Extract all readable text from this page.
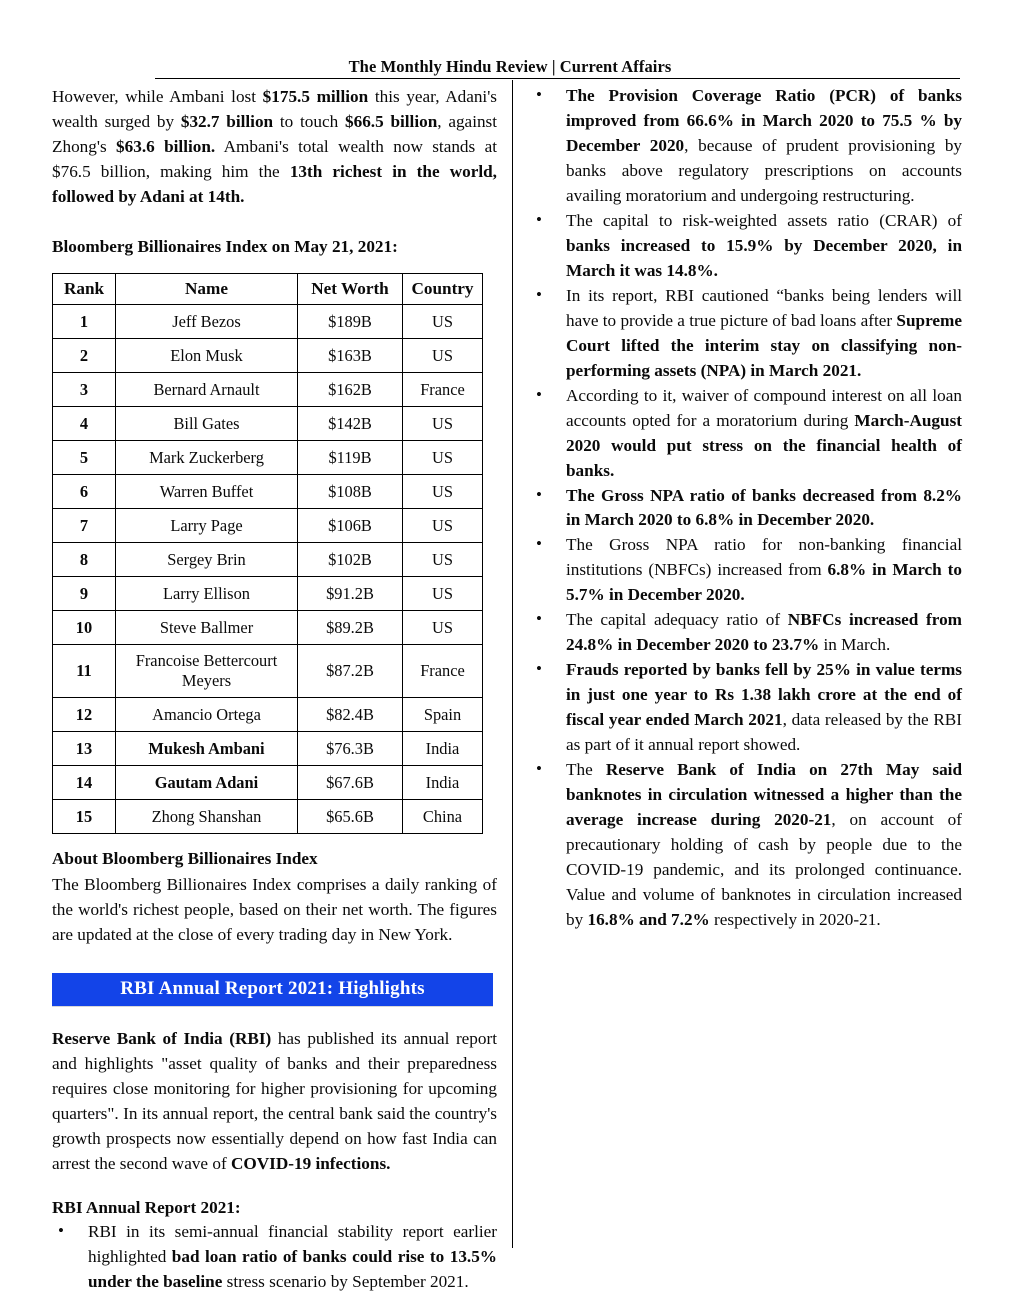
The Monthly Hindu Review | Current Affairs

However, while Ambani lost $175.5 million this year, Adani's wealth surged by $32.7 billion to touch $66.5 billion, against Zhong's $63.6 billion. Ambani's total wealth now stands at $76.5 billion, making him the 13th richest in the world, followed by Adani at 14th.

Bloomberg Billionaires Index on May 21, 2021:
Rank	Name	Net Worth	Country
1	Jeff Bezos	$189B	US
2	Elon Musk	$163B	US
3	Bernard Arnault	$162B	France
4	Bill Gates	$142B	US
5	Mark Zuckerberg	$119B	US
6	Warren Buffet	$108B	US
7	Larry Page	$106B	US
8	Sergey Brin	$102B	US
9	Larry Ellison	$91.2B	US
10	Steve Ballmer	$89.2B	US
11	Francoise Bettercourt Meyers	$87.2B	France
12	Amancio Ortega	$82.4B	Spain
13	Mukesh Ambani	$76.3B	India
14	Gautam Adani	$67.6B	India
15	Zhong Shanshan	$65.6B	China
About Bloomberg Billionaires Index

The Bloomberg Billionaires Index comprises a daily ranking of the world's richest people, based on their net worth. The figures are updated at the close of every trading day in New York.

RBI Annual Report 2021: Highlights

Reserve Bank of India (RBI) has published its annual report and highlights "asset quality of banks and their preparedness requires close monitoring for higher provisioning for upcoming quarters". In its annual report, the central bank said the country's growth prospects now essentially depend on how fast India can arrest the second wave of COVID-19 infections.

RBI Annual Report 2021:
• RBI in its semi-annual financial stability report earlier highlighted bad loan ratio of banks could rise to 13.5% under the baseline stress scenario by September 2021.
• The Provision Coverage Ratio (PCR) of banks improved from 66.6% in March 2020 to 75.5 % by December 2020, because of prudent provisioning by banks above regulatory prescriptions on accounts availing moratorium and undergoing restructuring.
• The capital to risk-weighted assets ratio (CRAR) of banks increased to 15.9% by December 2020, in March it was 14.8%.
• In its report, RBI cautioned “banks being lenders will have to provide a true picture of bad loans after Supreme Court lifted the interim stay on classifying non-performing assets (NPA) in March 2021.
• According to it, waiver of compound interest on all loan accounts opted for a moratorium during March-August 2020 would put stress on the financial health of banks.
• The Gross NPA ratio of banks decreased from 8.2% in March 2020 to 6.8% in December 2020.
• The Gross NPA ratio for non-banking financial institutions (NBFCs) increased from 6.8% in March to 5.7% in December 2020.
• The capital adequacy ratio of NBFCs increased from 24.8% in December 2020 to 23.7% in March.
• Frauds reported by banks fell by 25% in value terms in just one year to Rs 1.38 lakh crore at the end of fiscal year ended March 2021, data released by the RBI as part of it annual report showed.
• The Reserve Bank of India on 27th May said banknotes in circulation witnessed a higher than the average increase during 2020-21, on account of precautionary holding of cash by people due to the COVID-19 pandemic, and its prolonged continuance. Value and volume of banknotes in circulation increased by 16.8% and 7.2% respectively in 2020-21.
